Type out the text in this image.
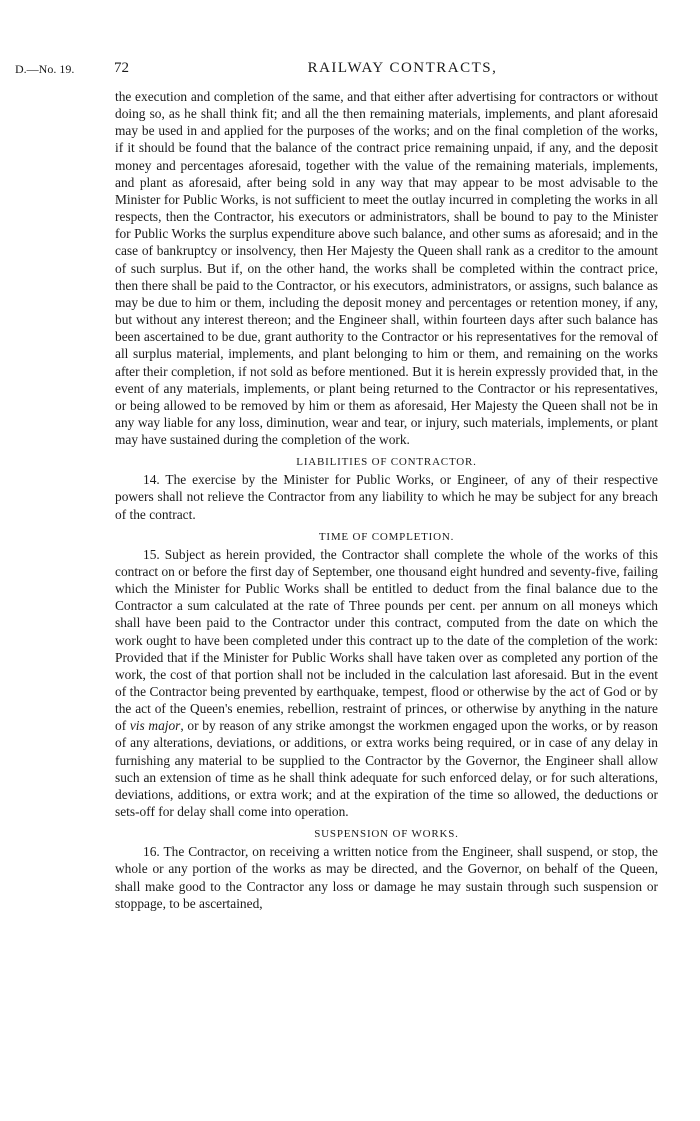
D.—No. 19.	72	RAILWAY CONTRACTS,

the execution and completion of the same, and that either after advertising for contractors or without doing so, as he shall think fit; and all the then remaining materials, implements, and plant aforesaid may be used in and applied for the purposes of the works; and on the final completion of the works, if it should be found that the balance of the contract price remaining unpaid, if any, and the deposit money and percentages aforesaid, together with the value of the remaining materials, implements, and plant as aforesaid, after being sold in any way that may appear to be most advisable to the Minister for Public Works, is not sufficient to meet the outlay incurred in completing the works in all respects, then the Contractor, his executors or administrators, shall be bound to pay to the Minister for Public Works the surplus expenditure above such balance, and other sums as aforesaid; and in the case of bankruptcy or insolvency, then Her Majesty the Queen shall rank as a creditor to the amount of such surplus. But if, on the other hand, the works shall be completed within the contract price, then there shall be paid to the Contractor, or his executors, administrators, or assigns, such balance as may be due to him or them, including the deposit money and percentages or retention money, if any, but without any interest thereon; and the Engineer shall, within fourteen days after such balance has been ascertained to be due, grant authority to the Contractor or his representatives for the removal of all surplus material, implements, and plant belonging to him or them, and remaining on the works after their completion, if not sold as before mentioned. But it is herein expressly provided that, in the event of any materials, implements, or plant being returned to the Contractor or his representatives, or being allowed to be removed by him or them as aforesaid, Her Majesty the Queen shall not be in any way liable for any loss, diminution, wear and tear, or injury, such materials, implements, or plant may have sustained during the completion of the work.

LIABILITIES OF CONTRACTOR.

14. The exercise by the Minister for Public Works, or Engineer, of any of their respective powers shall not relieve the Contractor from any liability to which he may be subject for any breach of the contract.

TIME OF COMPLETION.

15. Subject as herein provided, the Contractor shall complete the whole of the works of this contract on or before the first day of September, one thousand eight hundred and seventy-five, failing which the Minister for Public Works shall be entitled to deduct from the final balance due to the Contractor a sum calculated at the rate of Three pounds per cent. per annum on all moneys which shall have been paid to the Contractor under this contract, computed from the date on which the work ought to have been completed under this contract up to the date of the completion of the work: Provided that if the Minister for Public Works shall have taken over as completed any portion of the work, the cost of that portion shall not be included in the calculation last aforesaid. But in the event of the Contractor being prevented by earthquake, tempest, flood or otherwise by the act of God or by the act of the Queen's enemies, rebellion, restraint of princes, or otherwise by anything in the nature of vis major, or by reason of any strike amongst the workmen engaged upon the works, or by reason of any alterations, deviations, or additions, or extra works being required, or in case of any delay in furnishing any material to be supplied to the Contractor by the Governor, the Engineer shall allow such an extension of time as he shall think adequate for such enforced delay, or for such alterations, deviations, additions, or extra work; and at the expiration of the time so allowed, the deductions or sets-off for delay shall come into operation.

SUSPENSION OF WORKS.

16. The Contractor, on receiving a written notice from the Engineer, shall suspend, or stop, the whole or any portion of the works as may be directed, and the Governor, on behalf of the Queen, shall make good to the Contractor any loss or damage he may sustain through such suspension or stoppage, to be ascertained,
